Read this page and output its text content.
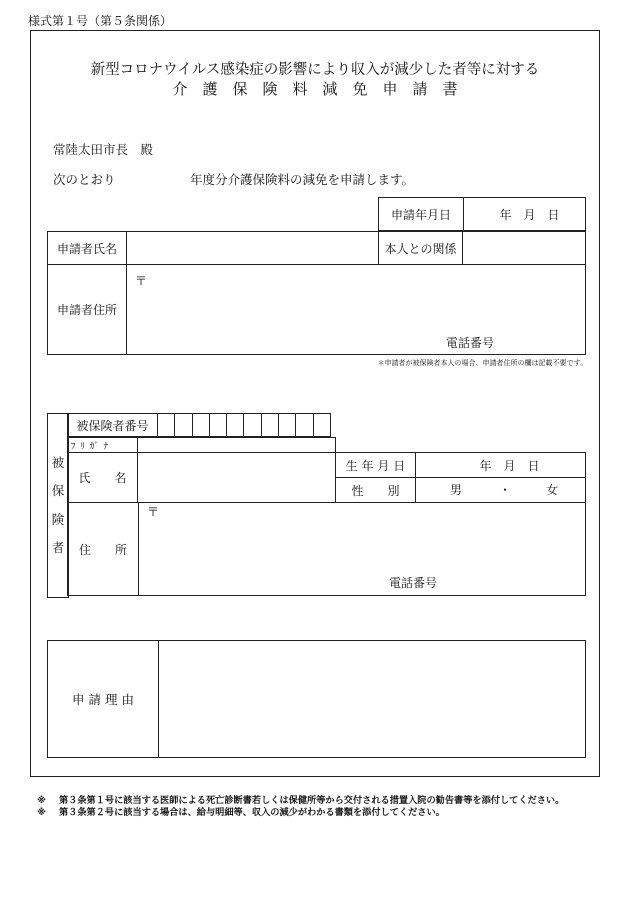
様式第１号（第５条関係）
新型コロナウイルス感染症の影響により収入が減少した者等に対する
介　護　保　険　料　減　免　申　請　書
常陸太田市長　殿
次のとおり	年度分介護保険料の減免を申請します。
申請年月日	年　月　日
申請者氏名		本人との関係	
申請者住所	〒
電話番号		
＊申請者が被保険者本人の場合、申請者住所の欄は記載不要です。
被
保
険
者
被保険者番号										
ﾌ ﾘ ｶﾞ ﾅ			
氏　　名		生 年 月 日	年　月　日
		性　　別	男 ・ 女
住　　所	
〒
電話番号
申 請 理 由	
※	第３条第１号に該当する医師による死亡診断書若しくは保健所等から交付される措置入院の勧告書等を添付してください。
※	第３条第２号に該当する場合は、給与明細等、収入の減少がわかる書類を添付してください。
